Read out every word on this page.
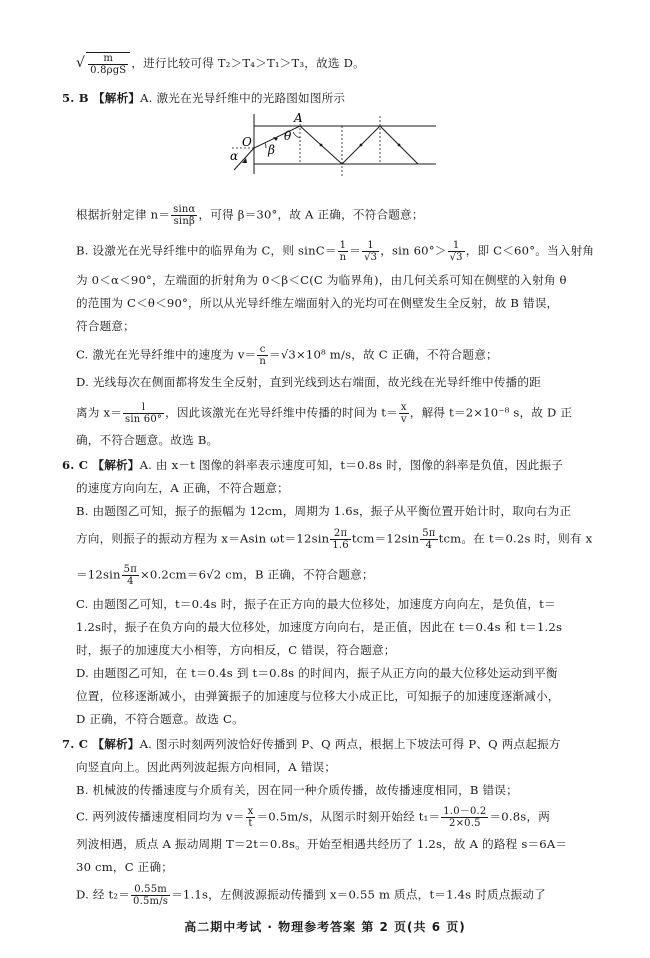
√ $\frac{m}{\text{0.8ρgS}}$ ，进行比较可得 T₂＞T₄＞T₁＞T₃，故选 D。
5. B 【解析】A. 激光在光导纤维中的光路图如图所示
A
O
α β
θ
根据折射定律 $n= \frac{\sin\alpha}{\sin\beta}$ ，可得 β＝30°，故 A 正确，不符合题意；
B. 设激光在光导纤维中的临界角为 C，则 $\sin C= \frac{1}{n} = \frac{1}{√3}$ ，$\sin 60^\circ> \frac{1}{√3}$ ，即 C＜60°。当入射角
为 0＜α＜90°，左端面的折射角为 0＜β＜C(C 为临界角)，由几何关系可知在侧壁的入射角 θ
的范围为 C＜θ＜90°，所以从光导纤维左端面射入的光均可在侧壁发生全反射，故 B 错误，
符合题意；
C. 激光在光导纤维中的速度为 $v= \frac{c}{n} =√3\times 10^8$ m/s，故 C 正确，不符合题意；
D. 光线每次在侧面都将发生全反射，直到光线到达右端面，故光线在光导纤维中传播的距
离为 $x= \frac{l}{\sin 60^\circ}$ ，因此该激光在光导纤维中传播的时间为 $t= \frac{x}{v}$ ，解得 t＝2×10⁻⁸ s，故 D 正
确，不符合题意。故选 B。
6. C 【解析】A. 由 x－t 图像的斜率表示速度可知，t＝0.8s 时，图像的斜率是负值，因此振子
的速度方向向左，A 正确，不符合题意；
B. 由题图乙可知，振子的振幅为 12cm，周期为 1.6s，振子从平衡位置开始计时，取向右为正
方向，则振子的振动方程为 x＝Asin $\omega t=12\sin \frac{2\pi}{1.6} tcm=12\sin \frac{5\pi}{4}$ tcm。在 t＝0.2s 时，则有 x
$=12\sin \frac{5\pi}{4} \times 0.2cm=6√2$ cm，B 正确，不符合题意；
C. 由题图乙可知，t＝0.4s 时，振子在正方向的最大位移处，加速度方向向左，是负值，t＝
1.2s时，振子在负方向的最大位移处，加速度方向向右，是正值，因此在 t＝0.4s 和 t＝1.2s
时，振子的加速度大小相等，方向相反，C 错误，符合题意；
D. 由题图乙可知，在 t＝0.4s 到 t＝0.8s 的时间内，振子从正方向的最大位移处运动到平衡
位置，位移逐渐减小，由弹簧振子的加速度与位移大小成正比，可知振子的加速度逐渐减小，
D 正确，不符合题意。故选 C。
7. C 【解析】A. 图示时刻两列波恰好传播到 P、Q 两点，根据上下坡法可得 P、Q 两点起振方
向竖直向上。因此两列波起振方向相同，A 错误；
B. 机械波的传播速度与介质有关，因在同一种介质传播，故传播速度相同，B 错误；
C. 两列波传播速度相同均为 $v= \frac{x}{t} =0.5m/s$，从图示时刻开始经 $t_1= \frac{1.0-0.2}{2\times 0.5} =0.8s$，两
列波相遇，质点 A 振动周期 T＝2t＝0.8s。开始至相遇共经历了 1.2s，故 A 的路程 s＝6A＝
30 cm，C 正确；
D. 经 $t_2= \frac{0.55m}{0.5m/s} =1.1s$，左侧波源振动传播到 x＝0.55 m 质点，t＝1.4s 时质点振动了
高二期中考试 · 物理参考答案 第 2 页(共 6 页)
